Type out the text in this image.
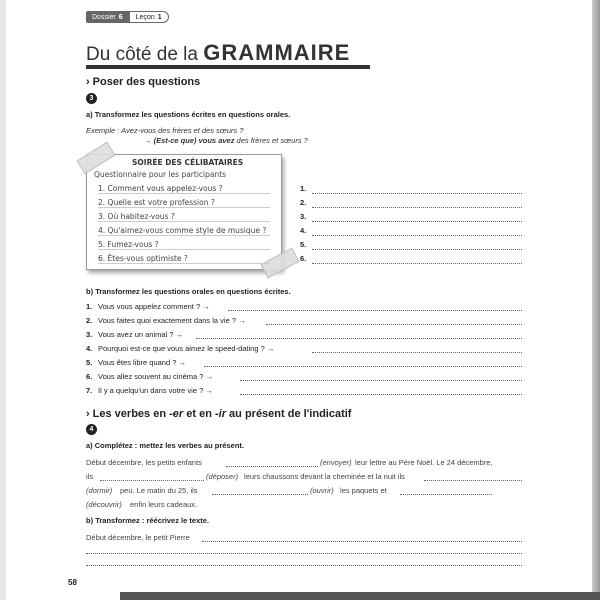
Dossier 6 Leçon 1
Du côté de la GRAMMAIRE
› Poser des questions
3
a) Transformez les questions écrites en questions orales.
Exemple : Avez-vous des frères et des sœurs ?
→ (Est-ce que) vous avez des frères et sœurs ?
SOIRÉE DES CÉLIBATAIRES
Questionnaire pour les participants
1. Comment vous appelez-vous ?
2. Quelle est votre profession ?
3. Où habitez-vous ?
4. Qu'aimez-vous comme style de musique ?
5. Fumez-vous ?
6. Êtes-vous optimiste ?
1.
2.
3.
4.
5.
6.
b) Transformez les questions orales en questions écrites.
1. Vous vous appelez comment ? →
2. Vous faites quoi exactement dans la vie ? →
3. Vous avez un animal ? →
4. Pourquoi est-ce que vous aimez le speed-dating ? →
5. Vous êtes libre quand ? →
6. Vous allez souvent au cinéma ? →
7. Il y a quelqu'un dans votre vie ? →
› Les verbes en -er et en -ir au présent de l'indicatif
4
a) Complétez : mettez les verbes au présent.
Début décembre, les petits enfants	(envoyer) leur lettre au Père Noël. Le 24 décembre,
ils	(déposer) leurs chaussons devant la cheminée et la nuit ils
(dormir) peu. Le matin du 25, ils	(ouvrir) les paquets et
(découvrir) enfin leurs cadeaux.
b) Transformez : réécrivez le texte.
Début décembre, le petit Pierre
58
